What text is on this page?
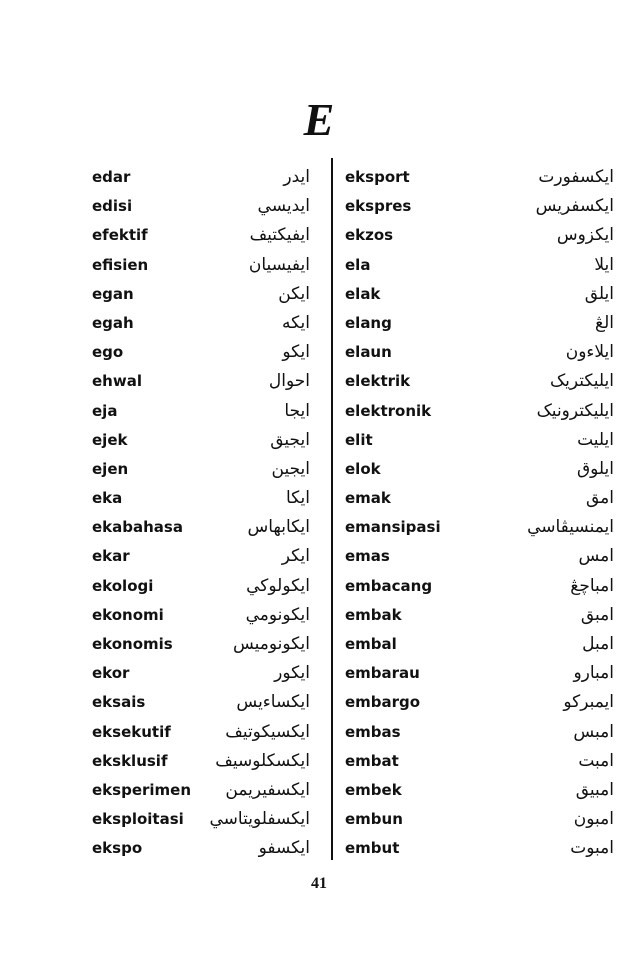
E
edar
edisi
efektif
efisien
egan
egah
ego
ehwal
eja
ejek
ejen
eka
ekabahasa
ekar
ekologi
ekonomi
ekonomis
ekor
eksais
eksekutif
eksklusif
eksperimen
eksploitasi
ekspo
ايدر
ايديسي
ايفيکتيف
ايفيسيان
ايکن
ايکه
ايکو
احوال
ايجا
ايجيق
ايجين
ايکا
ايکابهاس
ايکر
ايکولوکي
ايکونومي
ايکونوميس
ايکور
ايکساءيس
ايکسيکوتيف
ايکسکلوسيف
ايکسفيريمن
ايکسفلويتاسي
ايکسفو
eksport
ekspres
ekzos
ela
elak
elang
elaun
elektrik
elektronik
elit
elok
emak
emansipasi
emas
embacang
embak
embal
embarau
embargo
embas
embat
embek
embun
embut
ايکسفورت
ايکسفريس
ايکزوس
ايلا
ايلق
الڠ
ايلاءون
ايليکتريک
ايليکترونيک
ايليت
ايلوق
امق
ايمنسيڤاسي
امس
امباچڠ
امبق
امبل
امبارو
ايمبرکو
امبس
امبت
امبيق
امبون
امبوت
41
